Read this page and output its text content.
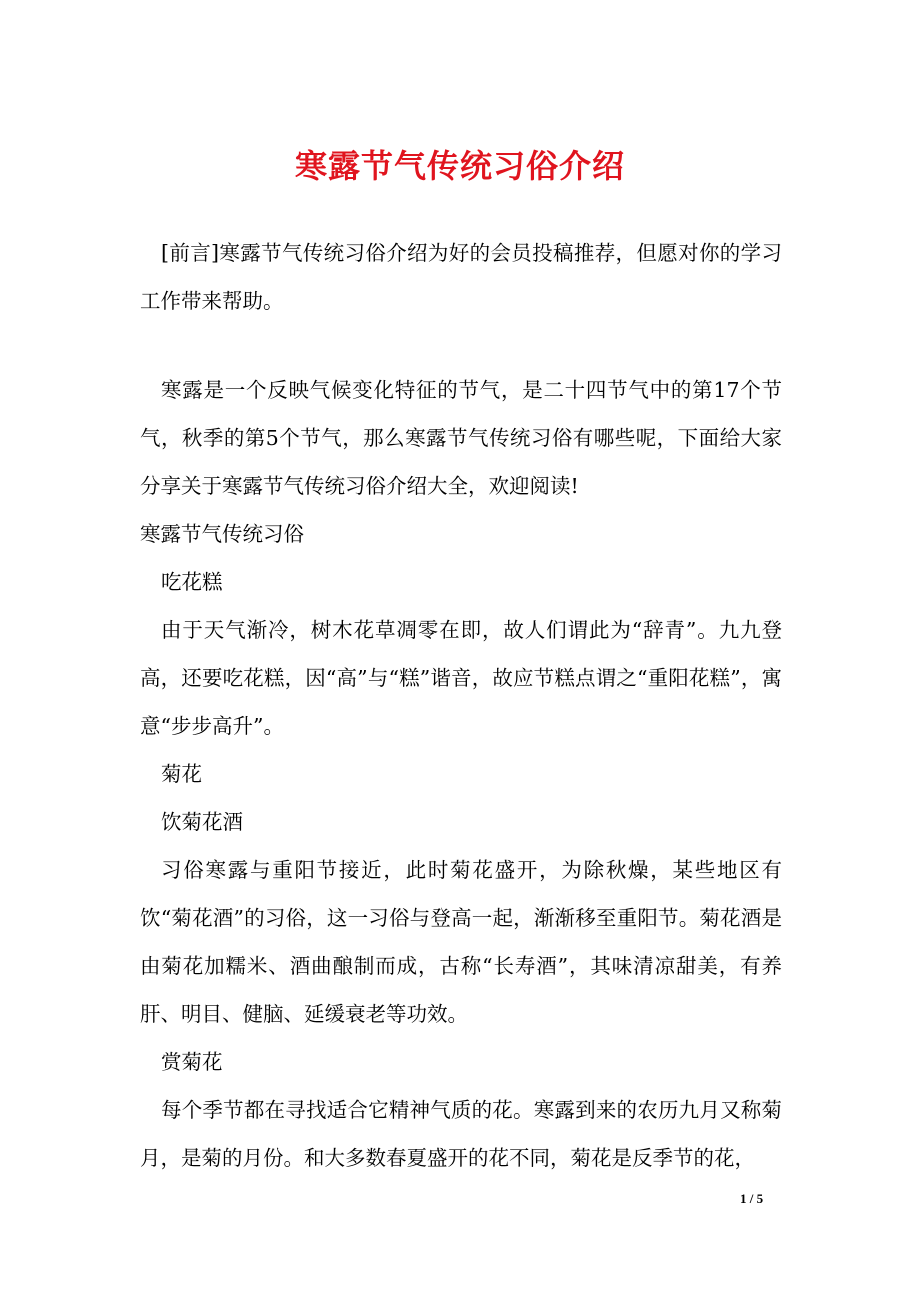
寒露节气传统习俗介绍

[前言]寒露节气传统习俗介绍为好的会员投稿推荐，但愿对你的学习工作带来帮助。

寒露是一个反映气候变化特征的节气，是二十四节气中的第17个节气，秋季的第5个节气，那么寒露节气传统习俗有哪些呢，下面给大家分享关于寒露节气传统习俗介绍大全，欢迎阅读!

寒露节气传统习俗

吃花糕

由于天气渐冷，树木花草凋零在即，故人们谓此为“辞青”。九九登高，还要吃花糕，因“高”与“糕”谐音，故应节糕点谓之“重阳花糕”，寓意“步步高升”。

菊花

饮菊花酒

习俗寒露与重阳节接近，此时菊花盛开，为除秋燥，某些地区有饮“菊花酒”的习俗，这一习俗与登高一起，渐渐移至重阳节。菊花酒是由菊花加糯米、酒曲酿制而成，古称“长寿酒”，其味清凉甜美，有养肝、明目、健脑、延缓衰老等功效。

赏菊花

每个季节都在寻找适合它精神气质的花。寒露到来的农历九月又称菊月，是菊的月份。和大多数春夏盛开的花不同，菊花是反季节的花，

1 / 5
